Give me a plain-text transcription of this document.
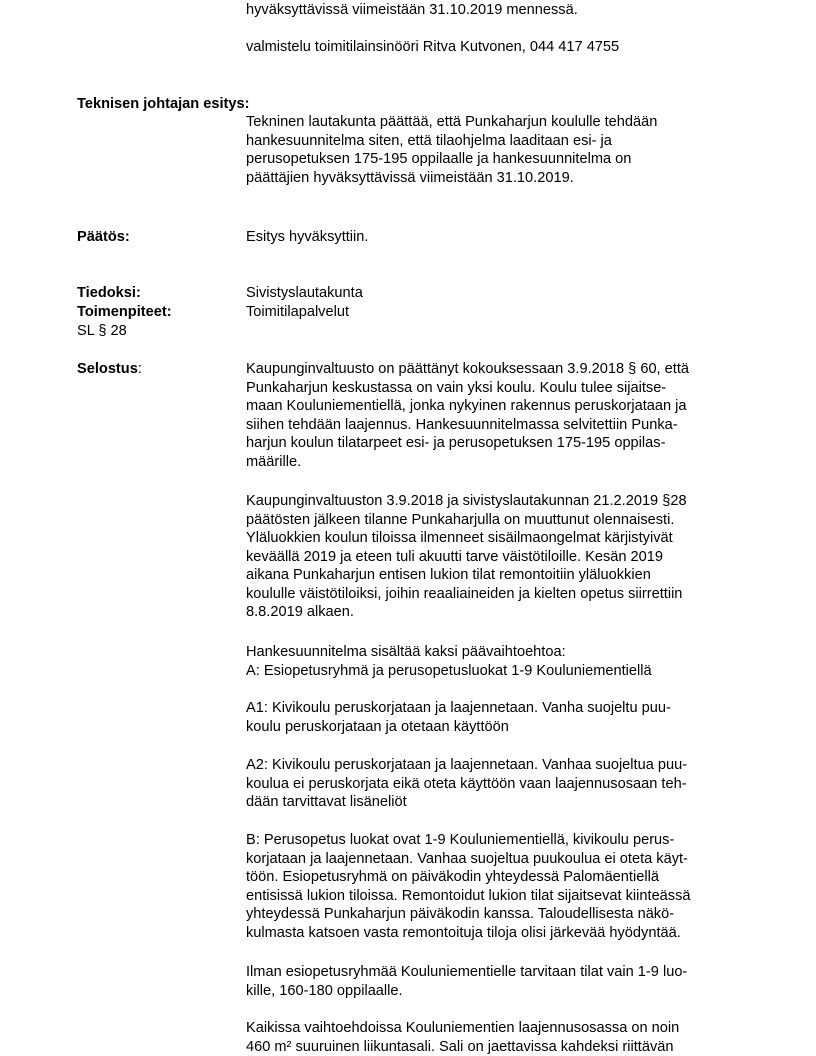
hyväksyttävissä viimeistään 31.10.2019 mennessä.
valmistelu toimitilainsinööri Ritva Kutvonen, 044 417 4755
Teknisen johtajan esitys:
Tekninen lautakunta päättää, että Punkaharjun koululle tehdään
hankesuunnitelma siten, että tilaohjelma laaditaan esi- ja
perusopetuksen 175-195 oppilaalle ja hankesuunnitelma on
päättäjien hyväksyttävissä viimeistään 31.10.2019.
Päätös:	Esitys hyväksyttiin.
Tiedoksi:	Sivistyslautakunta
Toimenpiteet:	Toimitilapalvelut
SL § 28
Selostus:	Kaupunginvaltuusto on päättänyt kokouksessaan 3.9.2018 § 60, että
Punkaharjun keskustassa on vain yksi koulu. Koulu tulee sijaitse-
maan Kouluniementiellä, jonka nykyinen rakennus peruskorjataan ja
siihen tehdään laajennus. Hankesuunnitelmassa selvitettiin Punka-
harjun koulun tilatarpeet esi- ja perusopetuksen 175-195 oppilas-
määrille.
Kaupunginvaltuuston 3.9.2018 ja sivistyslautakunnan 21.2.2019 §28
päätösten jälkeen tilanne Punkaharjulla on muuttunut olennaisesti.
Yläluokkien koulun tiloissa ilmenneet sisäilmaongelmat kärjistyivät
keväällä 2019 ja eteen tuli akuutti tarve väistötiloille. Kesän 2019
aikana Punkaharjun entisen lukion tilat remontoitiin yläluokkien
koululle väistötiloiksi, joihin reaaliaineiden ja kielten opetus siirrettiin
8.8.2019 alkaen.
Hankesuunnitelma sisältää kaksi päävaihtoehtoa:
A: Esiopetusryhmä ja perusopetusluokat 1-9 Kouluniementiellä
A1: Kivikoulu peruskorjataan ja laajennetaan. Vanha suojeltu puu-
koulu peruskorjataan ja otetaan käyttöön
A2: Kivikoulu peruskorjataan ja laajennetaan. Vanhaa suojeltua puu-
koulua ei peruskorjata eikä oteta käyttöön vaan laajennusosaan teh-
dään tarvittavat lisäneliöt
B: Perusopetus luokat ovat 1-9 Kouluniementiellä, kivikoulu perus-
korjataan ja laajennetaan. Vanhaa suojeltua puukoulua ei oteta käyt-
töön. Esiopetusryhmä on päiväkodin yhteydessä Palomäentiellä
entisissä lukion tiloissa. Remontoidut lukion tilat sijaitsevat kiinteässä
yhteydessä Punkaharjun päiväkodin kanssa. Taloudellisesta näkö-
kulmasta katsoen vasta remontoituja tiloja olisi järkevää hyödyntää.
Ilman esiopetusryhmää Kouluniementielle tarvitaan tilat vain 1-9 luo-
kille, 160-180 oppilaalle.
Kaikissa vaihtoehdoissa Kouluniementien laajennusosassa on noin
460 m² suuruinen liikuntasali. Sali on jaettavissa kahdeksi riittävän
